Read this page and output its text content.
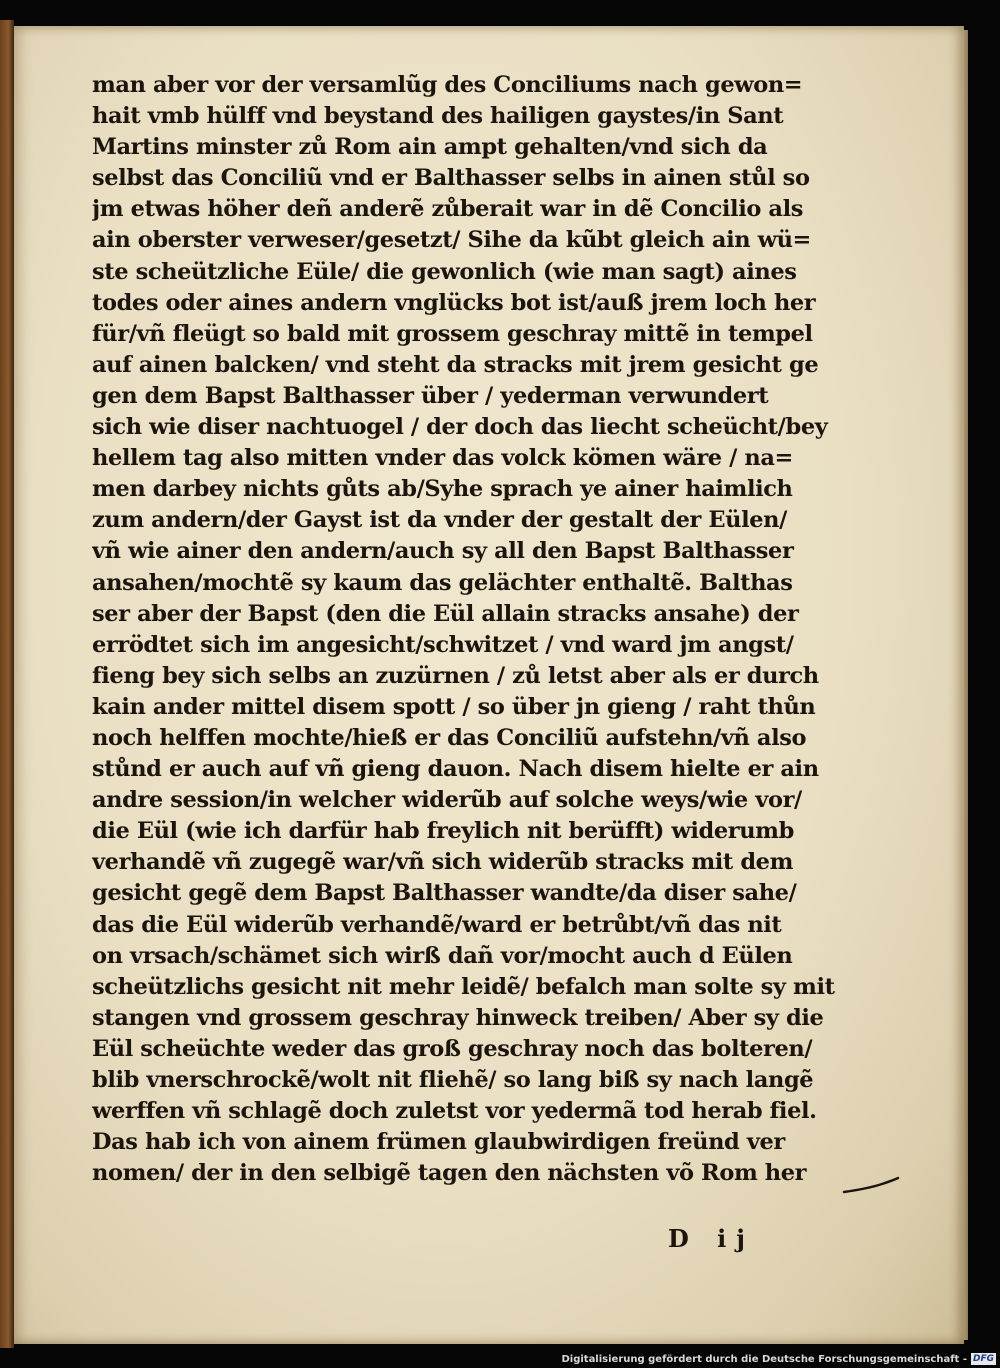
man aber vor der versamlũg des Conciliums nach gewon=
hait vmb hülff vnd beystand des hailigen gaystes/in Sant
Martins minster zů Rom ain ampt gehalten/vnd sich da
selbst das Conciliũ vnd er Balthasser selbs in ainen stůl so
jm etwas höher deñ anderẽ zůberait war in dẽ Concilio als
ain oberster verweser/gesetzt/ Sihe da kũbt gleich ain wü=
ste scheützliche Eüle/ die gewonlich (wie man sagt) aines
todes oder aines andern vnglücks bot ist/auß jrem loch her
für/vñ fleügt so bald mit grossem geschray mittẽ in tempel
auf ainen balcken/ vnd steht da stracks mit jrem gesicht ge
gen dem Bapst Balthasser über / yederman verwundert
sich wie diser nachtuogel / der doch das liecht scheücht/bey
hellem tag also mitten vnder das volck kömen wäre / na=
men darbey nichts gůts ab/Syhe sprach ye ainer haimlich
zum andern/der Gayst ist da vnder der gestalt der Eülen/
vñ wie ainer den andern/auch sy all den Bapst Balthasser
ansahen/mochtẽ sy kaum das gelächter enthaltẽ. Balthas
ser aber der Bapst (den die Eül allain stracks ansahe) der
errödtet sich im angesicht/schwitzet / vnd ward jm angst/
fieng bey sich selbs an zuzürnen / zů letst aber als er durch
kain ander mittel disem spott / so über jn gieng / raht thůn
noch helffen mochte/hieß er das Conciliũ aufstehn/vñ also
stůnd er auch auf vñ gieng dauon. Nach disem hielte er ain
andre session/in welcher widerũb auf solche weys/wie vor/
die Eül (wie ich darfür hab freylich nit berüfft) widerumb
verhandẽ vñ zugegẽ war/vñ sich widerũb stracks mit dem
gesicht gegẽ dem Bapst Balthasser wandte/da diser sahe/
das die Eül widerũb verhandẽ/ward er betrůbt/vñ das nit
on vrsach/schämet sich wirß dañ vor/mocht auch d Eülen
scheützlichs gesicht nit mehr leidẽ/ befalch man solte sy mit
stangen vnd grossem geschray hinweck treiben/ Aber sy die
Eül scheüchte weder das groß geschray noch das bolteren/
blib vnerschrockẽ/wolt nit fliehẽ/ so lang biß sy nach langẽ
werffen vñ schlagẽ doch zuletst vor yedermã tod herab fiel.
Das hab ich von ainem frümen glaubwirdigen freünd ver
nomen/ der in den selbigẽ tagen den nächsten võ Rom her
D ij
Digitalisierung gefördert durch die Deutsche Forschungsgemeinschaft - DFG
